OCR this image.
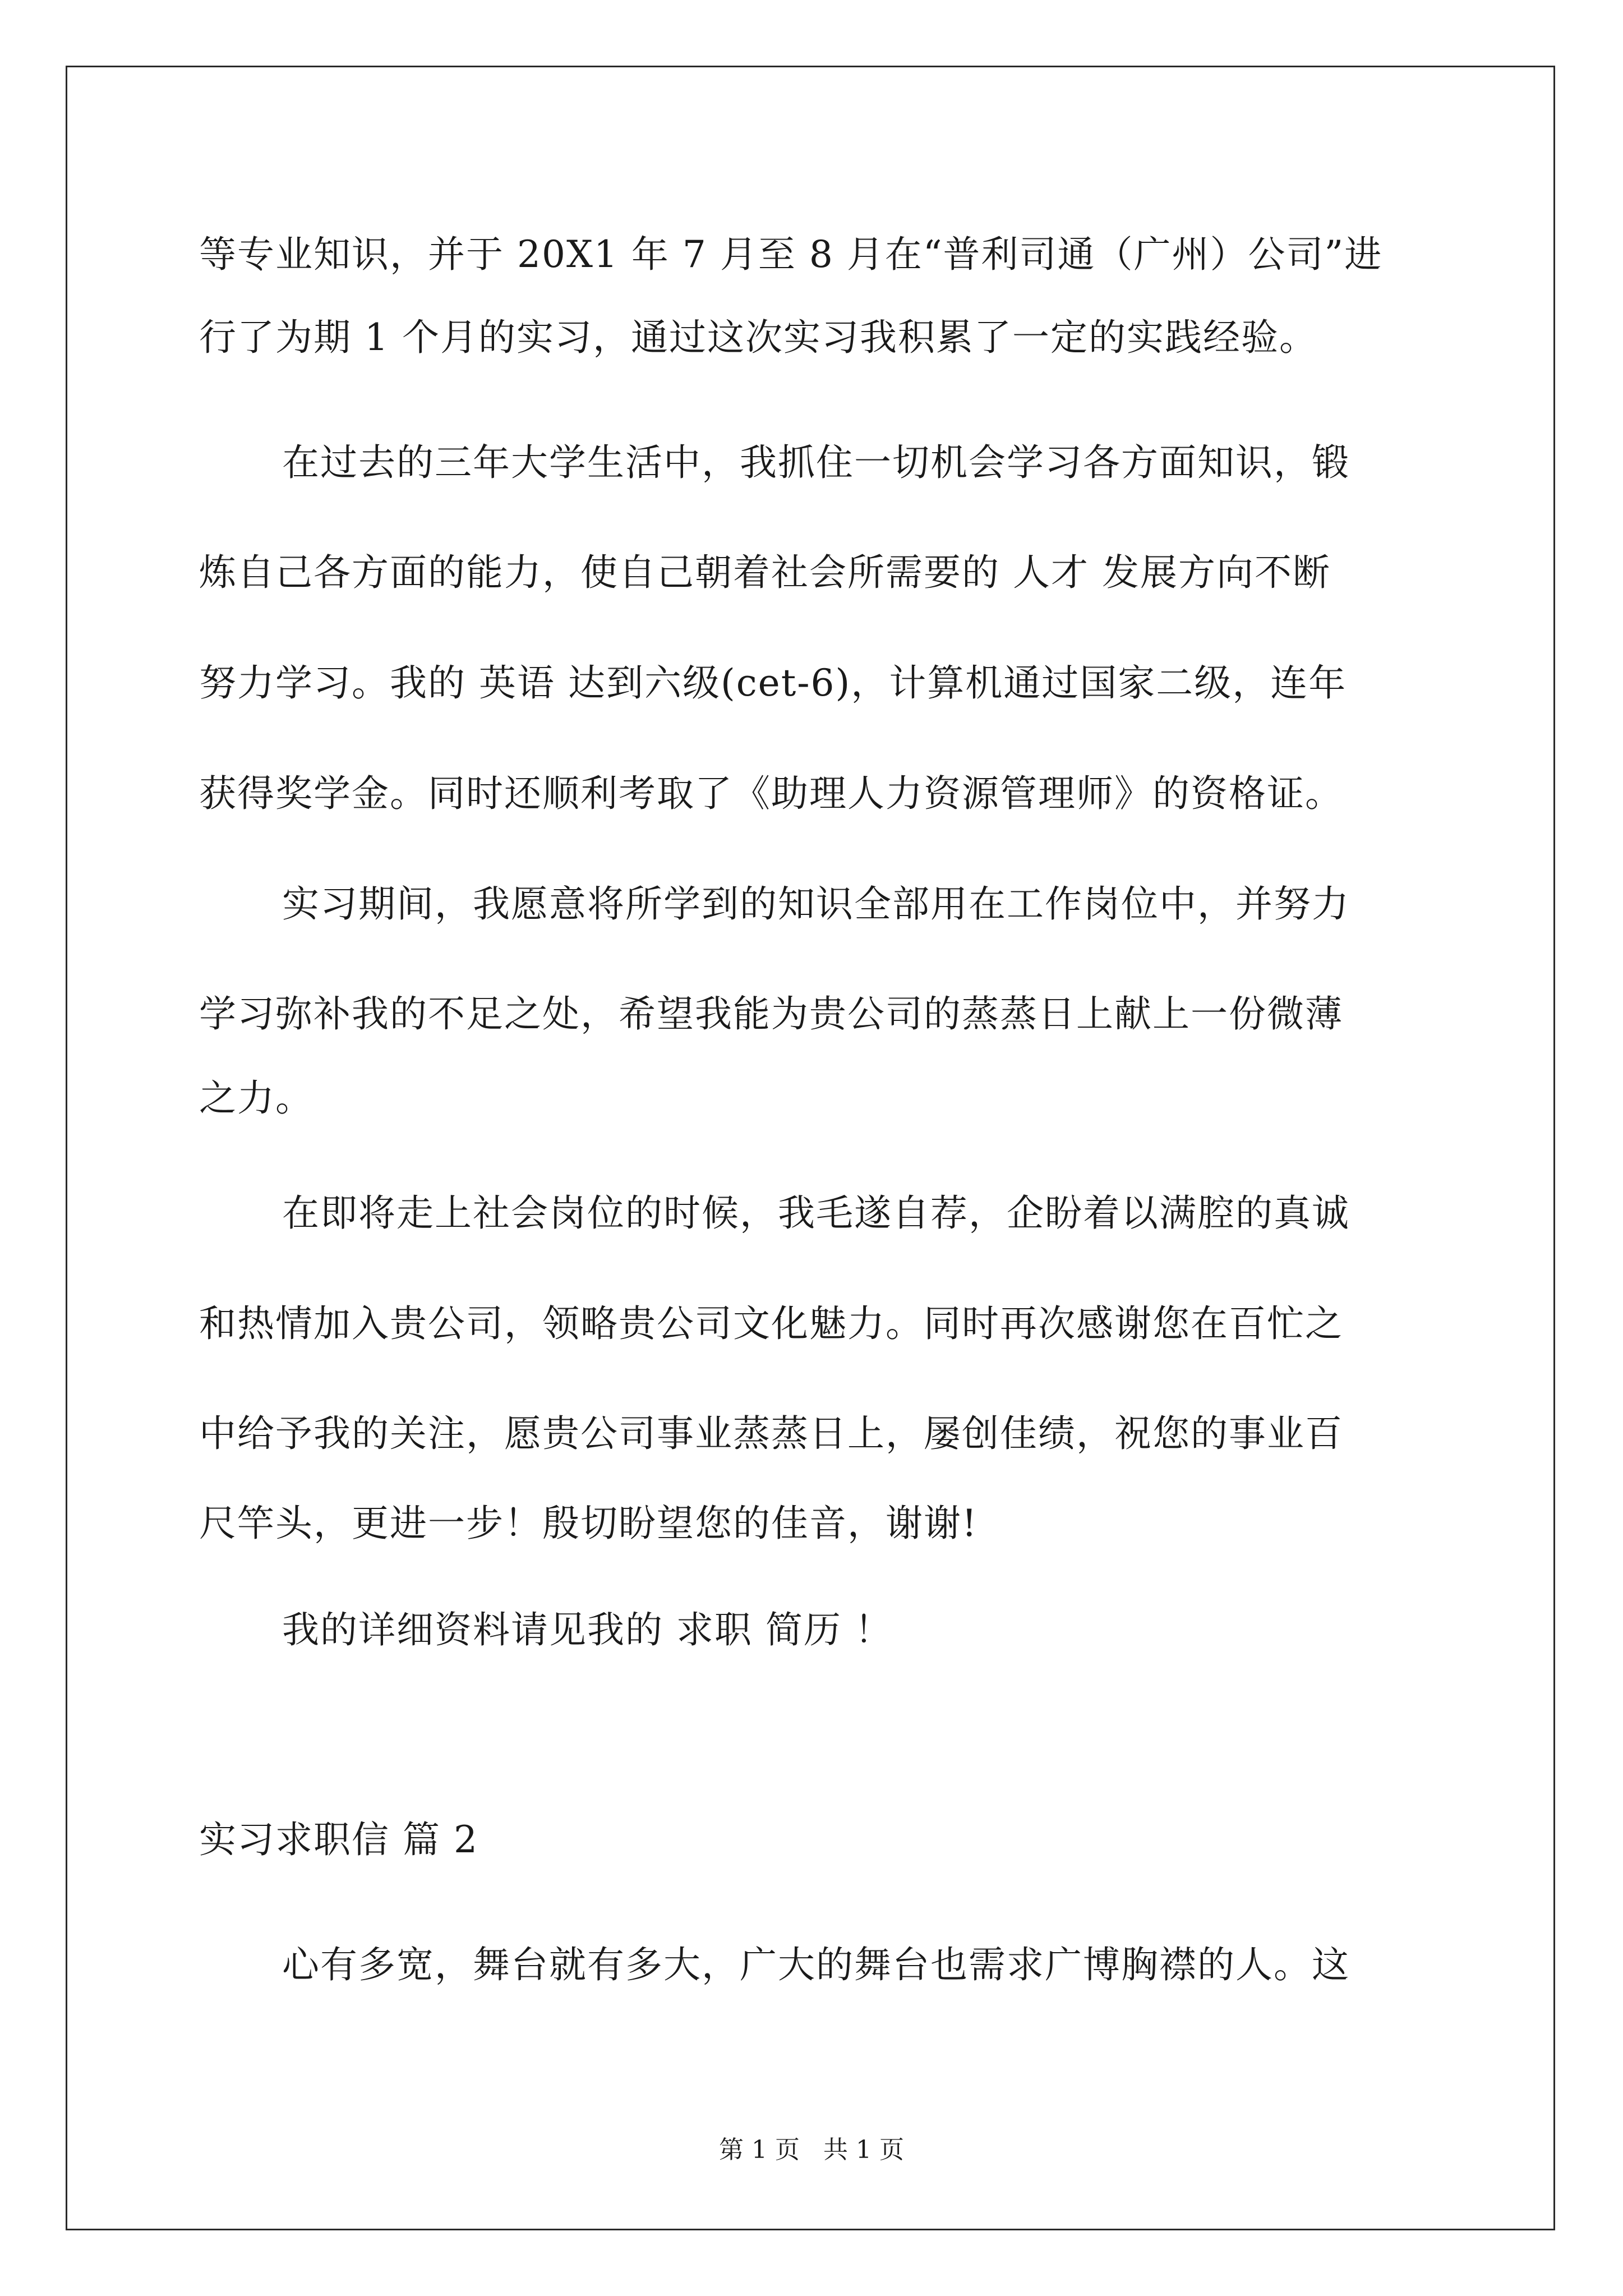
等专业知识，并于 20X1 年 7 月至 8 月在“普利司通（广州）公司”进
行了为期 1 个月的实习，通过这次实习我积累了一定的实践经验。
在过去的三年大学生活中，我抓住一切机会学习各方面知识，锻
炼自己各方面的能力，使自己朝着社会所需要的 人才 发展方向不断
努力学习。我的 英语 达到六级(cet-6)，计算机通过国家二级，连年
获得奖学金。同时还顺利考取了《助理人力资源管理师》的资格证。
实习期间，我愿意将所学到的知识全部用在工作岗位中，并努力
学习弥补我的不足之处，希望我能为贵公司的蒸蒸日上献上一份微薄
之力。
在即将走上社会岗位的时候，我毛遂自荐，企盼着以满腔的真诚
和热情加入贵公司，领略贵公司文化魅力。同时再次感谢您在百忙之
中给予我的关注，愿贵公司事业蒸蒸日上，屡创佳绩，祝您的事业百
尺竿头，更进一步！殷切盼望您的佳音，谢谢!
我的详细资料请见我的 求职 简历 ！
实习求职信 篇 2
心有多宽，舞台就有多大，广大的舞台也需求广博胸襟的人。这
第 1 页   共 1 页
